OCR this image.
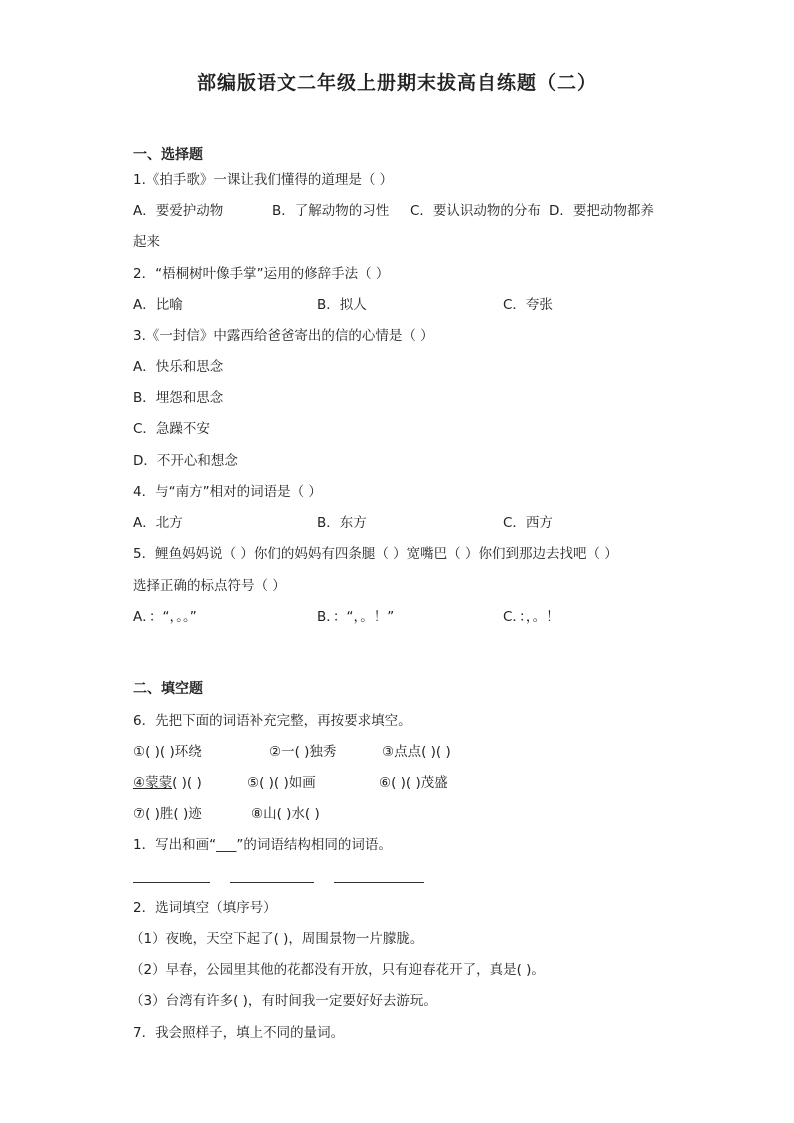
部编版语文二年级上册期末拔高自练题（二）
一、选择题
1.《拍手歌》一课让我们懂得的道理是（ ）
A．要爱护动物	B．了解动物的习性 C．要认识动物的分布 D．要把动物都养
起来
2．“梧桐树叶像手掌”运用的修辞手法（ ）
A．比喻	B．拟人	C．夸张
3.《一封信》中露西给爸爸寄出的信的心情是（ ）
A．快乐和思念
B．埋怨和思念
C．急躁不安
D．不开心和想念
4．与“南方”相对的词语是（ ）
A．北方	B．东方	C．西方
5．鲤鱼妈妈说（ ）你们的妈妈有四条腿（ ）宽嘴巴（ ）你们到那边去找吧（ ）
选择正确的标点符号（ ）
A．：“，。。”	B．：“，。！”	C．：，。！
二、填空题
6．先把下面的词语补充完整，再按要求填空。
①( )( )环绕	②一( )独秀	③点点( )( )
④蒙蒙( )( )	⑤( )( )如画	⑥( )( )茂盛
⑦( )胜( )迹	⑧山( )水( )
1．写出和画“___”的词语结构相同的词语。
2．选词填空（填序号）
（1）夜晚，天空下起了( )，周围景物一片朦胧。
（2）早春，公园里其他的花都没有开放，只有迎春花开了，真是( )。
（3）台湾有许多( )，有时间我一定要好好去游玩。
7．我会照样子，填上不同的量词。
